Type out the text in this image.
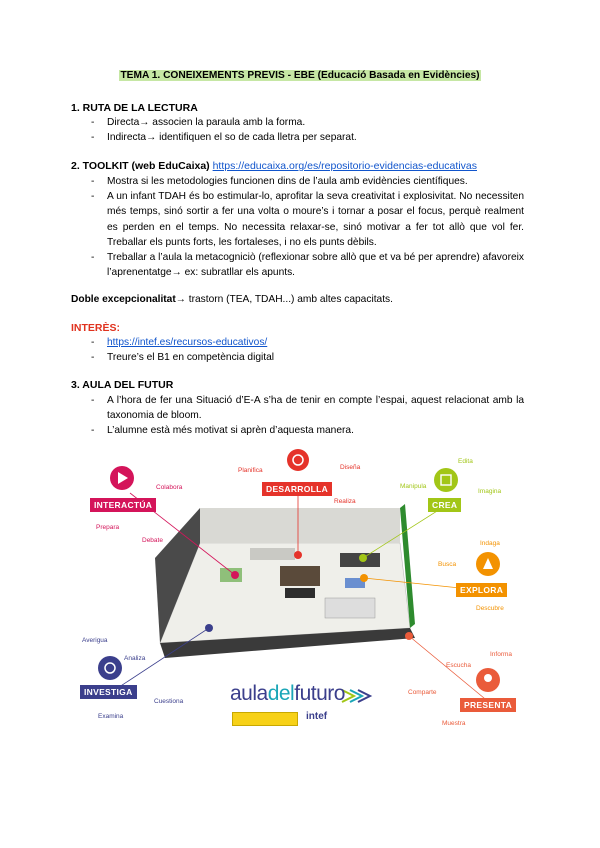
TEMA 1. CONEIXEMENTS PREVIS - EBE (Educació Basada en Evidències)
1. RUTA DE LA LECTURA
- Directa→ associen la paraula amb la forma.
- Indirecta→ identifiquen el so de cada lletra per separat.
2. TOOLKIT (web EduCaixa) https://educaixa.org/es/repositorio-evidencias-educativas
- Mostra si les metodologies funcionen dins de l’aula amb evidències científiques.
- A un infant TDAH és bo estimular-lo, aprofitar la seva creativitat i explosivitat. No necessiten més temps, sinó sortir a fer una volta o moure’s i tornar a posar el focus, perquè realment es perden en el temps. No necessita relaxar-se, sinó motivar a fer tot allò que vol fer. Treballar els punts forts, les fortaleses, i no els punts dèbils.
- Treballar a l’aula la metacogniciò (reflexionar sobre allò que et va bé per aprendre) afavoreix l’aprenentatge→ ex: subratllar els apunts.
Doble excepcionalitat→ trastorn (TEA, TDAH...) amb altes capacitats.
INTERÈS:
- https://intef.es/recursos-educativos/
- Treure’s el B1 en competència digital
3. AULA DEL FUTUR
- A l’hora de fer una Situació d’E-A s’ha de tenir en compte l’espai, aquest relacionat amb la taxonomia de bloom.
- L’alumne està més motivat si aprèn d’aquesta manera.
INTERACTÚA
DESARROLLA
CREA
EXPLORA
INVESTIGA
PRESENTA
Colabora
Prepara
Debate
Planifica	Diseña
Realiza
Edita
Manipula
Imagina
Indaga
Busca
Descubre
Averigua
Analiza
Cuestiona
Examina
Informa
Escucha
Comparte
Muestra
auladelfuturo
intef
